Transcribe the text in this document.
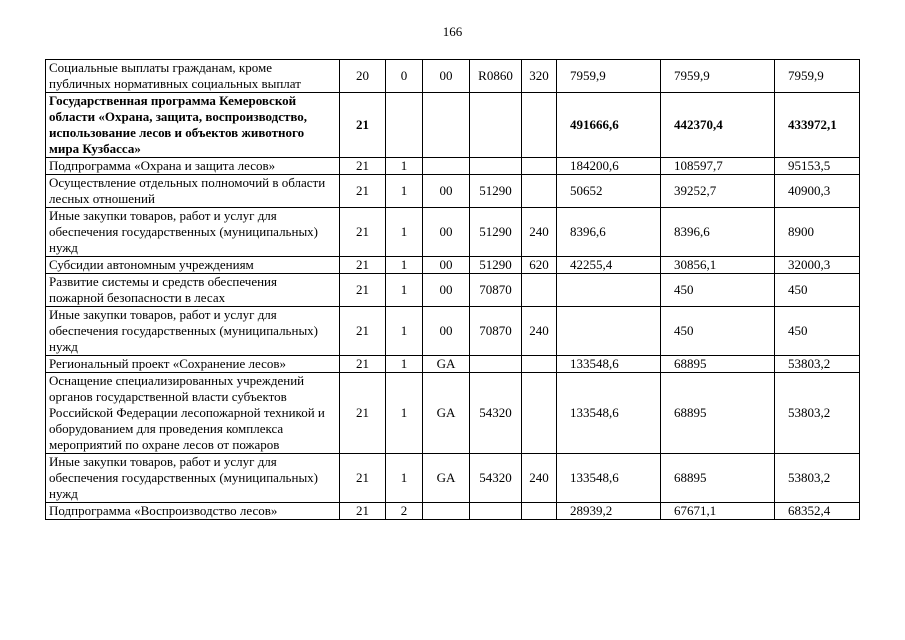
166
Социальные выплаты гражданам, кроме публичных нормативных социальных выплат	20	0	00	R0860	320	7959,9	7959,9	7959,9
Государственная программа Кемеровской области «Охрана, защита, воспроизводство, использование лесов и объектов животного мира Кузбасса»	21					491666,6	442370,4	433972,1
Подпрограмма «Охрана и защита лесов»	21	1				184200,6	108597,7	95153,5
Осуществление отдельных полномочий в области лесных отношений	21	1	00	51290		50652	39252,7	40900,3
Иные закупки товаров, работ и услуг для обеспечения государственных (муниципальных) нужд	21	1	00	51290	240	8396,6	8396,6	8900
Субсидии автономным учреждениям	21	1	00	51290	620	42255,4	30856,1	32000,3
Развитие системы и средств обеспечения пожарной безопасности в лесах	21	1	00	70870			450	450
Иные закупки товаров, работ и услуг для обеспечения государственных (муниципальных) нужд	21	1	00	70870	240		450	450
Региональный проект «Сохранение лесов»	21	1	GA			133548,6	68895	53803,2
Оснащение специализированных учреждений органов государственной власти субъектов Российской Федерации лесопожарной техникой и оборудованием для проведения комплекса мероприятий по охране лесов от пожаров	21	1	GA	54320		133548,6	68895	53803,2
Иные закупки товаров, работ и услуг для обеспечения государственных (муниципальных) нужд	21	1	GA	54320	240	133548,6	68895	53803,2
Подпрограмма «Воспроизводство лесов»	21	2				28939,2	67671,1	68352,4
